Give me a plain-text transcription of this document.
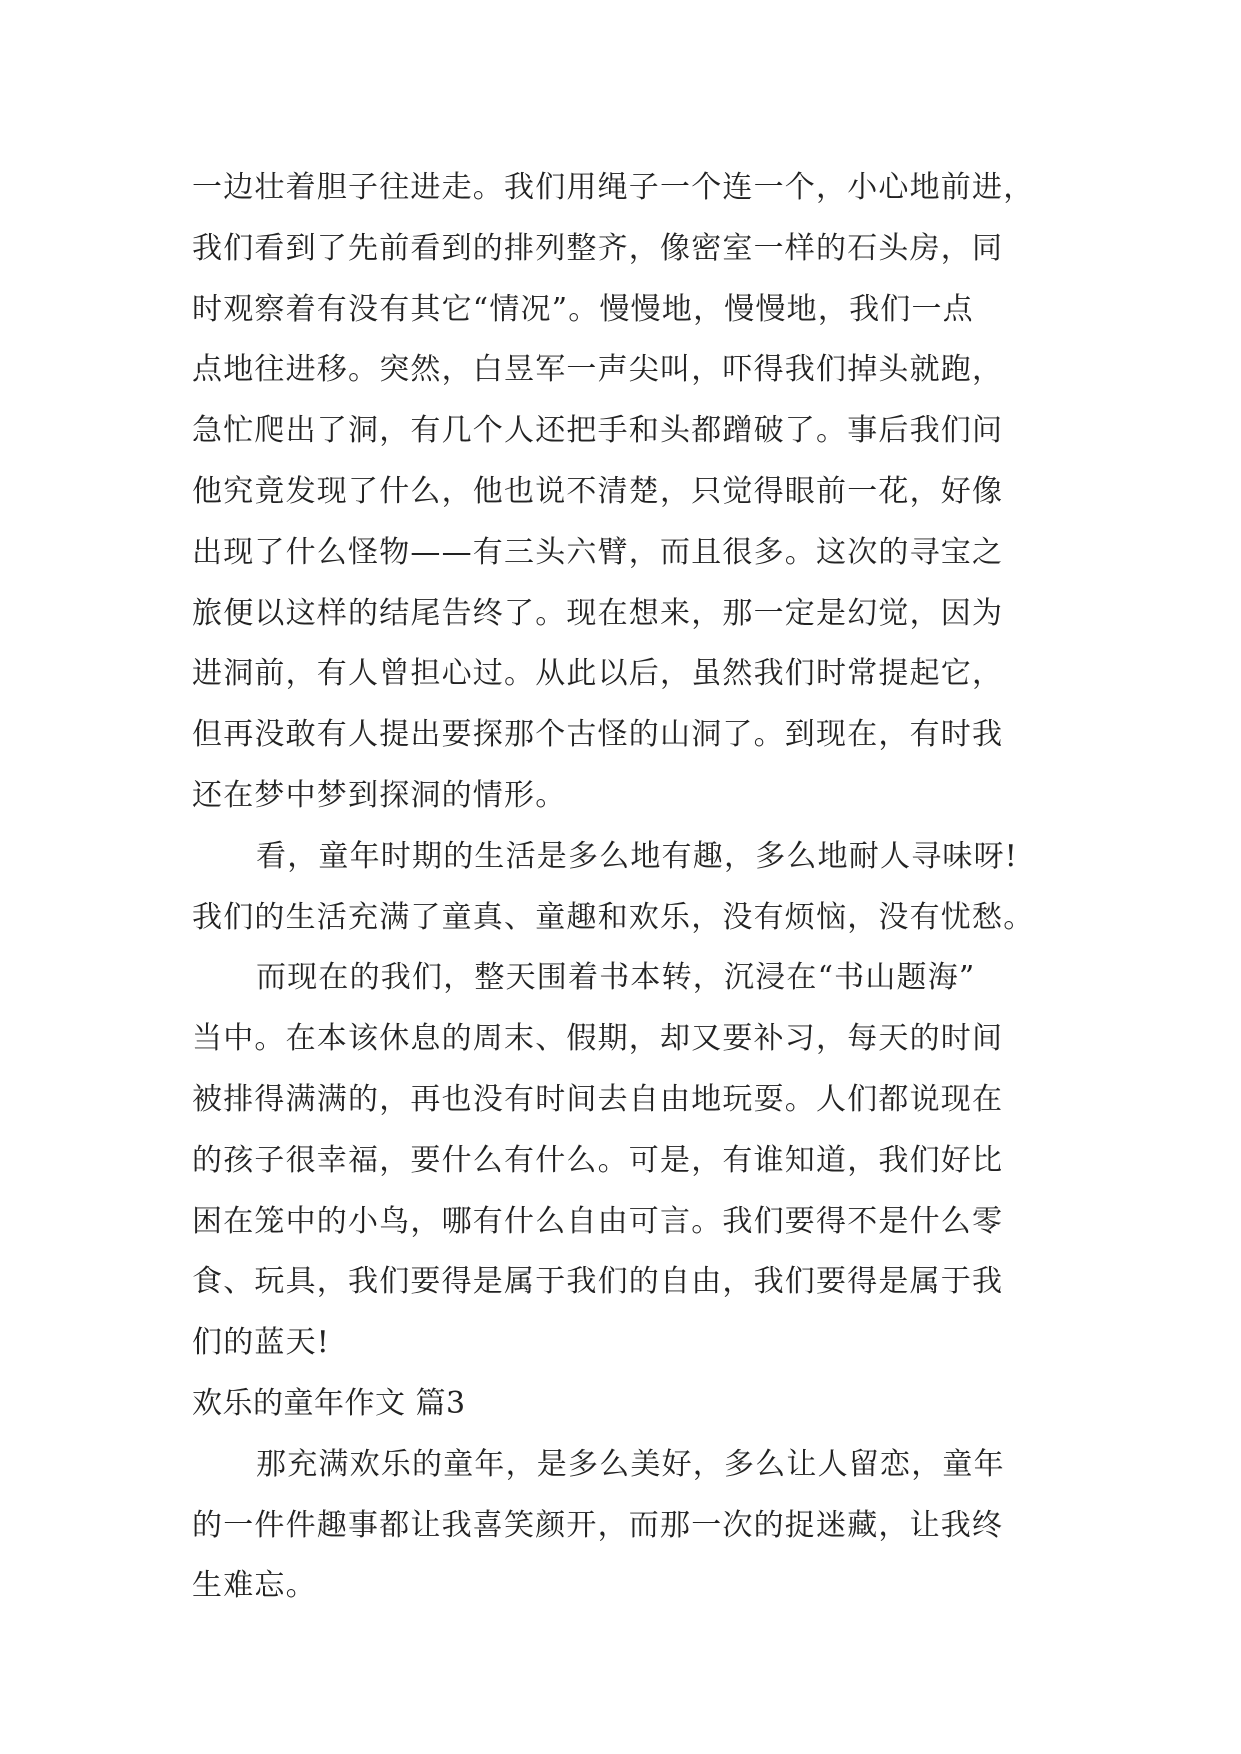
一边壮着胆子往进走。我们用绳子一个连一个，小心地前进，
我们看到了先前看到的排列整齐，像密室一样的石头房，同
时观察着有没有其它“情况”。慢慢地，慢慢地，我们一点
点地往进移。突然，白昱军一声尖叫，吓得我们掉头就跑，
急忙爬出了洞，有几个人还把手和头都蹭破了。事后我们问
他究竟发现了什么，他也说不清楚，只觉得眼前一花，好像
出现了什么怪物——有三头六臂，而且很多。这次的寻宝之
旅便以这样的结尾告终了。现在想来，那一定是幻觉，因为
进洞前，有人曾担心过。从此以后，虽然我们时常提起它，
但再没敢有人提出要探那个古怪的山洞了。到现在，有时我
还在梦中梦到探洞的情形。
看，童年时期的生活是多么地有趣，多么地耐人寻味呀!
我们的生活充满了童真、童趣和欢乐，没有烦恼，没有忧愁。
而现在的我们，整天围着书本转，沉浸在“书山题海”
当中。在本该休息的周末、假期，却又要补习，每天的时间
被排得满满的，再也没有时间去自由地玩耍。人们都说现在
的孩子很幸福，要什么有什么。可是，有谁知道，我们好比
困在笼中的小鸟，哪有什么自由可言。我们要得不是什么零
食、玩具，我们要得是属于我们的自由，我们要得是属于我
们的蓝天!
欢乐的童年作文 篇3
那充满欢乐的童年，是多么美好，多么让人留恋，童年
的一件件趣事都让我喜笑颜开，而那一次的捉迷藏，让我终
生难忘。
